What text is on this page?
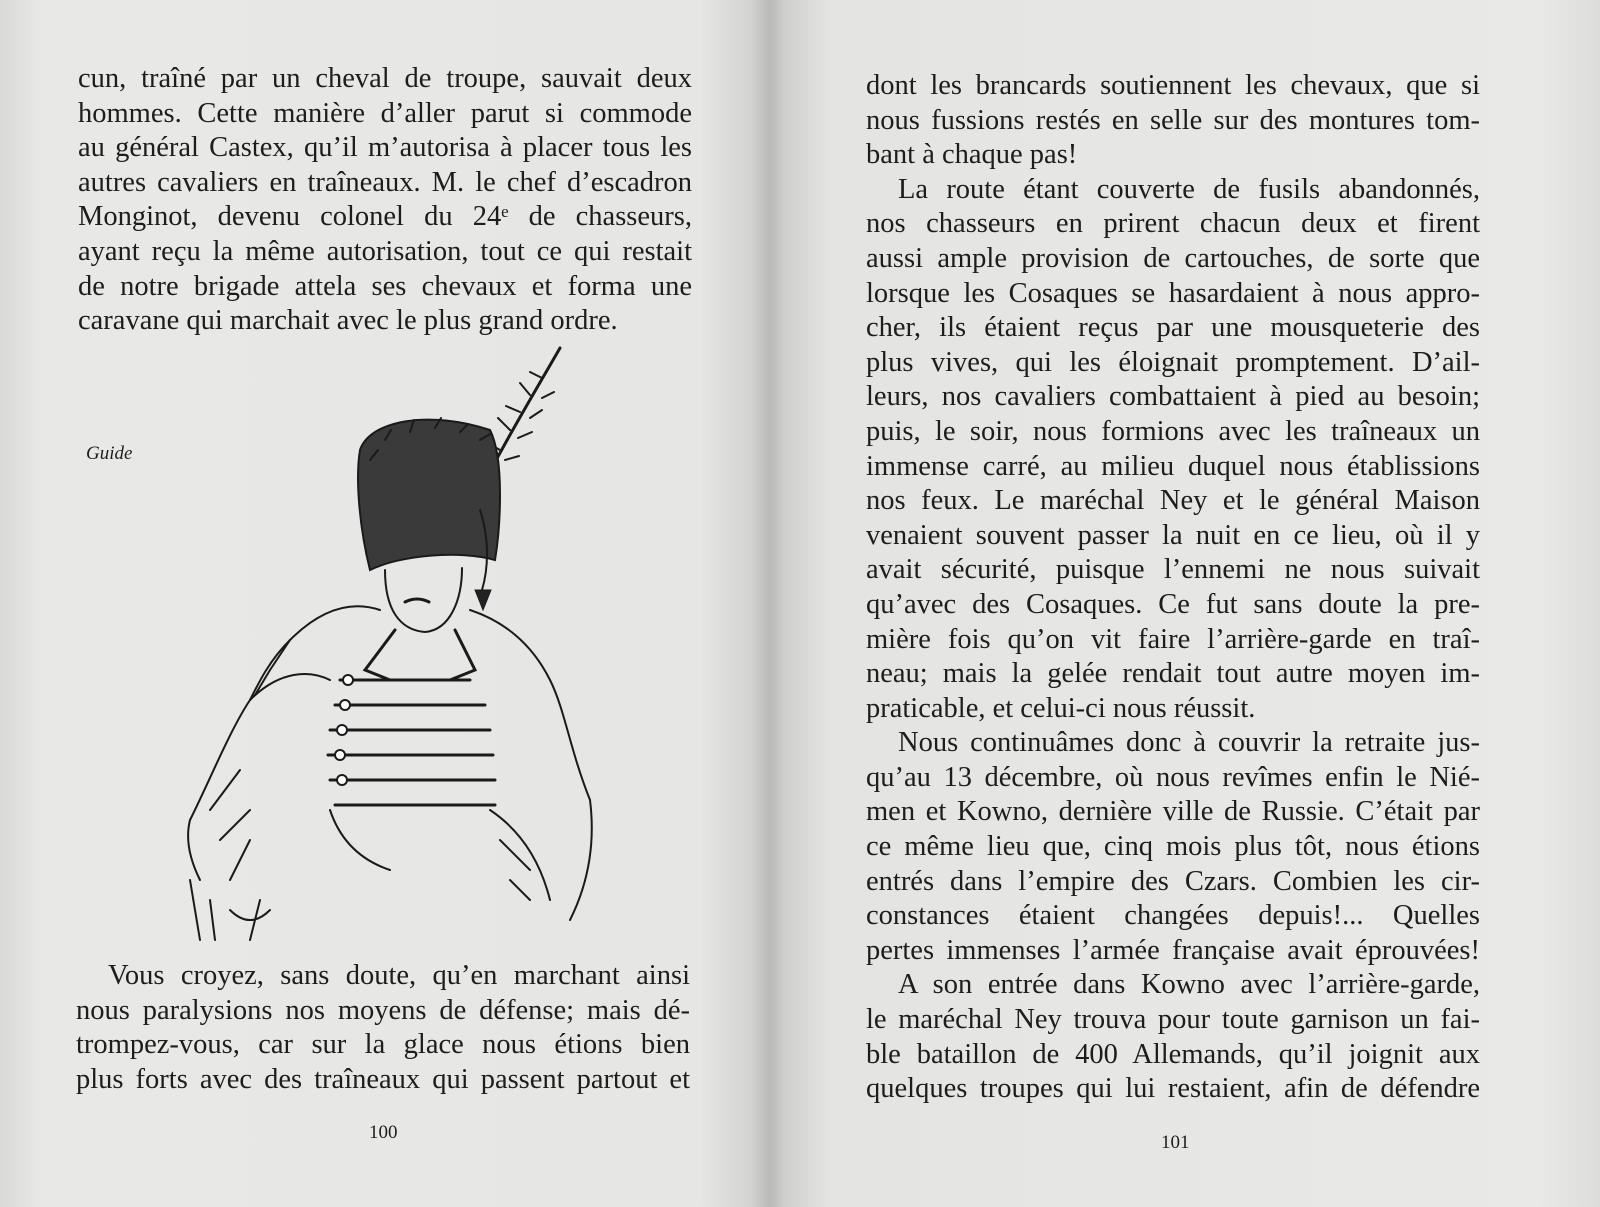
cun, traîné par un cheval de troupe, sauvait deux
hommes. Cette manière d’aller parut si commode
au général Castex, qu’il m’autorisa à placer tous les
autres cavaliers en traîneaux. M. le chef d’escadron
Monginot, devenu colonel du 24ᵉ de chasseurs,
ayant reçu la même autorisation, tout ce qui restait
de notre brigade attela ses chevaux et forma une
caravane qui marchait avec le plus grand ordre.
Guide
Vous croyez, sans doute, qu’en marchant ainsi
nous paralysions nos moyens de défense; mais dé-
trompez-vous, car sur la glace nous étions bien
plus forts avec des traîneaux qui passent partout et
100
dont les brancards soutiennent les chevaux, que si
nous fussions restés en selle sur des montures tom-
bant à chaque pas!
La route étant couverte de fusils abandonnés,
nos chasseurs en prirent chacun deux et firent
aussi ample provision de cartouches, de sorte que
lorsque les Cosaques se hasardaient à nous appro-
cher, ils étaient reçus par une mousqueterie des
plus vives, qui les éloignait promptement. D’ail-
leurs, nos cavaliers combattaient à pied au besoin;
puis, le soir, nous formions avec les traîneaux un
immense carré, au milieu duquel nous établissions
nos feux. Le maréchal Ney et le général Maison
venaient souvent passer la nuit en ce lieu, où il y
avait sécurité, puisque l’ennemi ne nous suivait
qu’avec des Cosaques. Ce fut sans doute la pre-
mière fois qu’on vit faire l’arrière-garde en traî-
neau; mais la gelée rendait tout autre moyen im-
praticable, et celui-ci nous réussit.
Nous continuâmes donc à couvrir la retraite jus-
qu’au 13 décembre, où nous revîmes enfin le Nié-
men et Kowno, dernière ville de Russie. C’était par
ce même lieu que, cinq mois plus tôt, nous étions
entrés dans l’empire des Czars. Combien les cir-
constances étaient changées depuis!... Quelles
pertes immenses l’armée française avait éprouvées!
A son entrée dans Kowno avec l’arrière-garde,
le maréchal Ney trouva pour toute garnison un fai-
ble bataillon de 400 Allemands, qu’il joignit aux
quelques troupes qui lui restaient, afin de défendre
101
